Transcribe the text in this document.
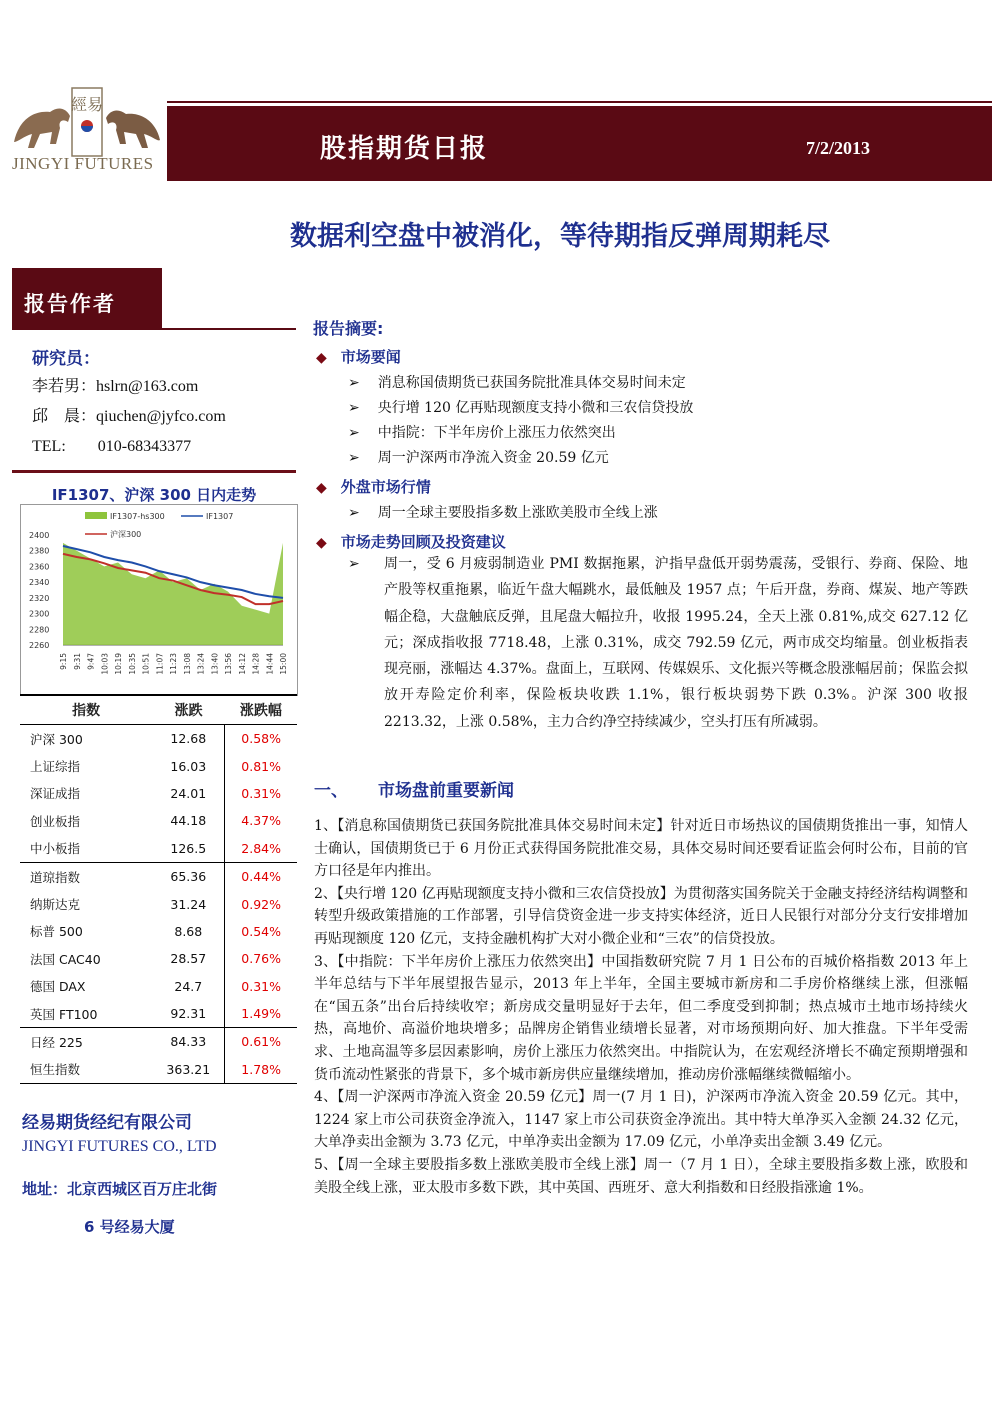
經易
JINGYI FUTURES	股指期货日报	7/2/2013
数据利空盘中被消化，等待期指反弹周期耗尽
报告作者
研究员：
李若男：hslrn@163.com
邱　晨：qiuchen@jyfco.com
TEL:　　010-68343377
IF1307、沪深 300 日内走势
IF1307-hs300	IF1307
沪深300
2260
2280
2300
2320
2340
2360
2380
2400
9:15 9:31 9:47 10:03 10:19 10:35 10:51 11:07 11:23 13:08 13:24 13:40 13:56 14:12 14:28 14:44 15:00
指数	涨跌	涨跌幅
沪深 300	12.68	0.58%
上证综指	16.03	0.81%
深证成指	24.01	0.31%
创业板指	44.18	4.37%
中小板指	126.5	2.84%
道琼指数	65.36	0.44%
纳斯达克	31.24	0.92%
标普 500	8.68	0.54%
法国 CAC40	28.57	0.76%
德国 DAX	24.7	0.31%
英国 FT100	92.31	1.49%
日经 225	84.33	0.61%
恒生指数	363.21	1.78%
经易期货经纪有限公司
JINGYI FUTURES CO., LTD
地址：北京西城区百万庄北街
6 号经易大厦
报告摘要:
◆ 市场要闻
➢ 消息称国债期货已获国务院批准具体交易时间未定
➢ 央行增 120 亿再贴现额度支持小微和三农信贷投放
➢ 中指院：下半年房价上涨压力依然突出
➢ 周一沪深两市净流入资金 20.59 亿元
◆ 外盘市场行情
➢ 周一全球主要股指多数上涨欧美股市全线上涨
◆ 市场走势回顾及投资建议
➢ 周一，受 6 月疲弱制造业 PMI 数据拖累，沪指早盘低开弱势震荡，受银行、券商、保险、地产股等权重拖累，临近午盘大幅跳水，最低触及 1957 点；午后开盘，券商、煤炭、地产等跌幅企稳，大盘触底反弹，且尾盘大幅拉升，收报 1995.24，全天上涨 0.81%,成交 627.12 亿元；深成指收报 7718.48，上涨 0.31%，成交 792.59 亿元，两市成交均缩量。创业板指表现亮丽，涨幅达 4.37%。盘面上，互联网、传媒娱乐、文化振兴等概念股涨幅居前；保监会拟放开寿险定价利率，保险板块收跌 1.1%，银行板块弱势下跌 0.3%。沪深 300 收报 2213.32，上涨 0.58%，主力合约净空持续减少，空头打压有所减弱。
一、 市场盘前重要新闻
1、【消息称国债期货已获国务院批准具体交易时间未定】针对近日市场热议的国债期货推出一事，知情人士确认，国债期货已于 6 月份正式获得国务院批准交易，具体交易时间还要看证监会何时公布，目前的官方口径是年内推出。
2、【央行增 120 亿再贴现额度支持小微和三农信贷投放】为贯彻落实国务院关于金融支持经济结构调整和转型升级政策措施的工作部署，引导信贷资金进一步支持实体经济，近日人民银行对部分分支行安排增加再贴现额度 120 亿元，支持金融机构扩大对小微企业和“三农”的信贷投放。
3、【中指院：下半年房价上涨压力依然突出】中国指数研究院 7 月 1 日公布的百城价格指数 2013 年上半年总结与下半年展望报告显示，2013 年上半年，全国主要城市新房和二手房价格继续上涨，但涨幅在“国五条”出台后持续收窄；新房成交量明显好于去年，但二季度受到抑制；热点城市土地市场持续火热，高地价、高溢价地块增多；品牌房企销售业绩增长显著，对市场预期向好、加大推盘。下半年受需求、土地高温等多层因素影响，房价上涨压力依然突出。中指院认为，在宏观经济增长不确定预期增强和货币流动性紧张的背景下，多个城市新房供应量继续增加，推动房价涨幅继续微幅缩小。
4、【周一沪深两市净流入资金 20.59 亿元】周一(7 月 1 日)，沪深两市净流入资金 20.59 亿元。其中，1224 家上市公司获资金净流入，1147 家上市公司获资金净流出。其中特大单净买入金额 24.32 亿元，大单净卖出金额为 3.73 亿元，中单净卖出金额为 17.09 亿元，小单净卖出金额 3.49 亿元。
5、【周一全球主要股指多数上涨欧美股市全线上涨】周一（7 月 1 日），全球主要股指多数上涨，欧股和美股全线上涨，亚太股市多数下跌，其中英国、西班牙、意大利指数和日经股指涨逾 1%。
